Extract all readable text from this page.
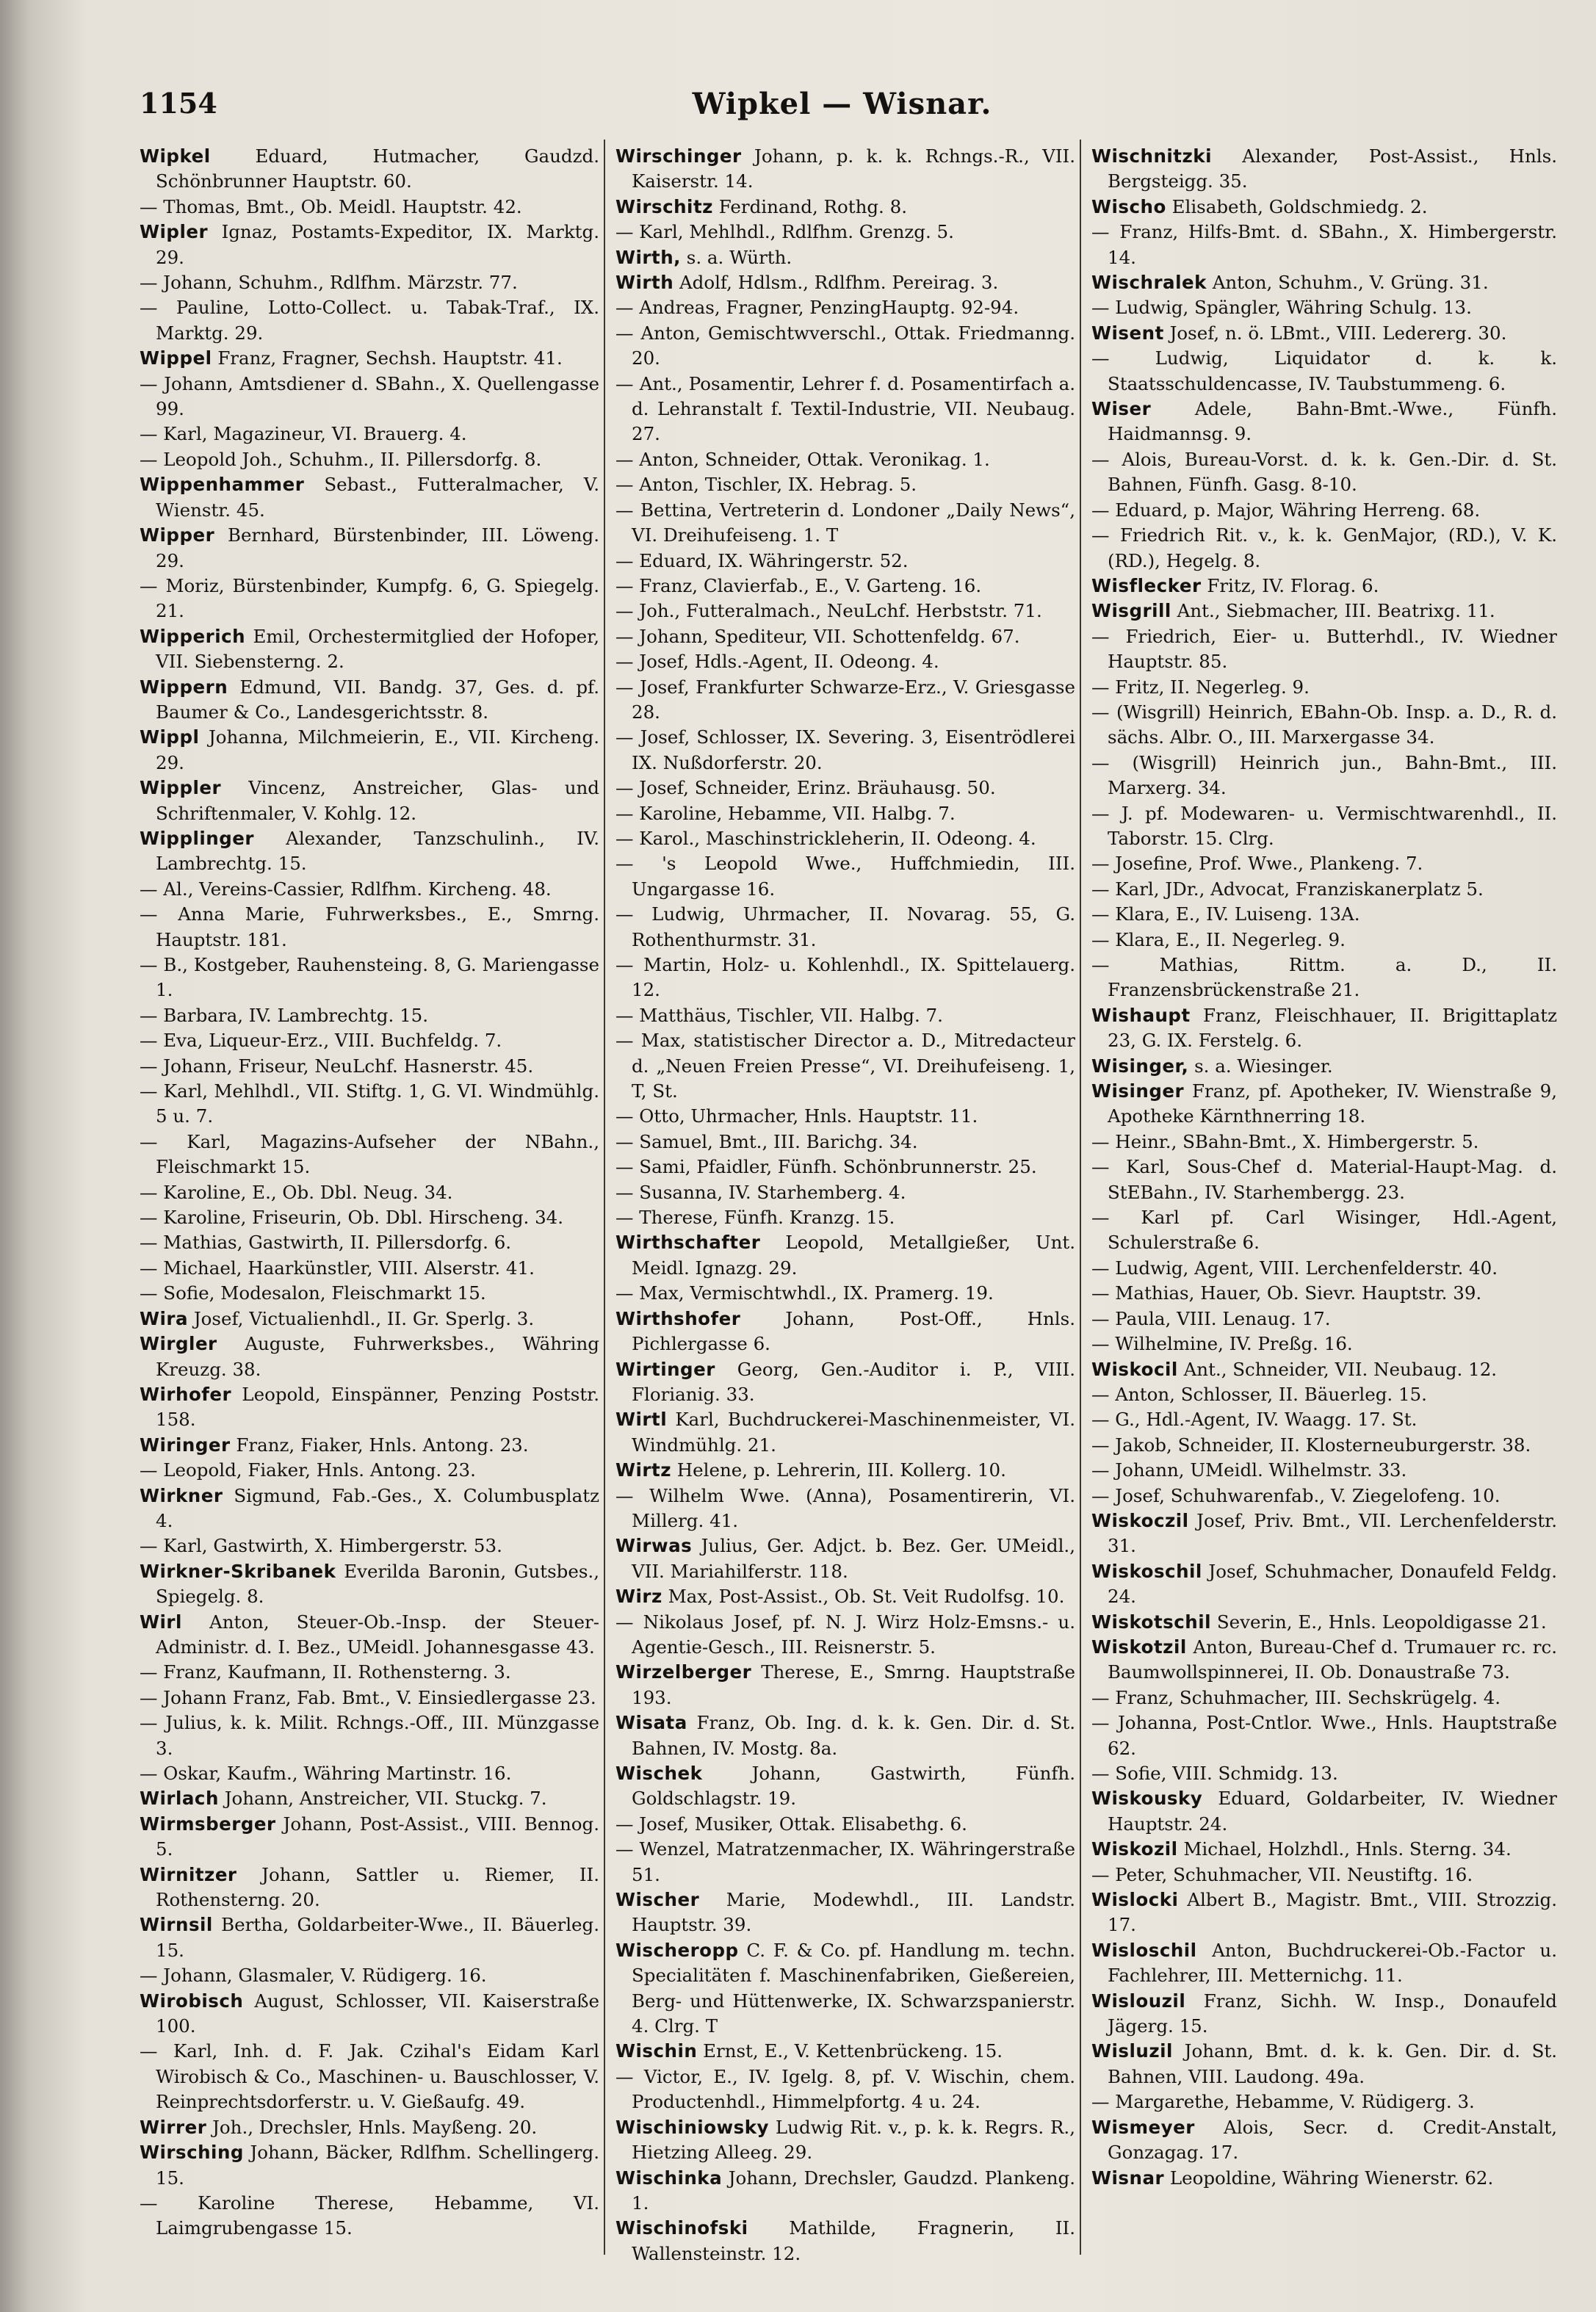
1154	Wipkel — Wisnar.

Wipkel Eduard, Hutmacher, Gaudzd. Schönbrunner Hauptstr. 60.

— Thomas, Bmt., Ob. Meidl. Hauptstr. 42.

Wipler Ignaz, Postamts-Expeditor, IX. Marktg. 29.

— Johann, Schuhm., Rdlfhm. Märzstr. 77.

— Pauline, Lotto-Collect. u. Tabak-Traf., IX. Marktg. 29.

Wippel Franz, Fragner, Sechsh. Hauptstr. 41.

— Johann, Amtsdiener d. SBahn., X. Quellengasse 99.

— Karl, Magazineur, VI. Brauerg. 4.

— Leopold Joh., Schuhm., II. Pillersdorfg. 8.

Wippenhammer Sebast., Futteralmacher, V. Wienstr. 45.

Wipper Bernhard, Bürstenbinder, III. Löweng. 29.

— Moriz, Bürstenbinder, Kumpfg. 6, G. Spiegelg. 21.

Wipperich Emil, Orchestermitglied der Hofoper, VII. Siebensterng. 2.

Wippern Edmund, VII. Bandg. 37, Ges. d. pf. Baumer & Co., Landesgerichtsstr. 8.

Wippl Johanna, Milchmeierin, E., VII. Kircheng. 29.

Wippler Vincenz, Anstreicher, Glas- und Schriftenmaler, V. Kohlg. 12.

Wipplinger Alexander, Tanzschulinh., IV. Lambrechtg. 15.

— Al., Vereins-Cassier, Rdlfhm. Kircheng. 48.

— Anna Marie, Fuhrwerksbes., E., Smrng. Hauptstr. 181.

— B., Kostgeber, Rauhensteing. 8, G. Mariengasse 1.

— Barbara, IV. Lambrechtg. 15.

— Eva, Liqueur-Erz., VIII. Buchfeldg. 7.

— Johann, Friseur, NeuLchf. Hasnerstr. 45.

— Karl, Mehlhdl., VII. Stiftg. 1, G. VI. Windmühlg. 5 u. 7.

— Karl, Magazins-Aufseher der NBahn., Fleischmarkt 15.

— Karoline, E., Ob. Dbl. Neug. 34.

— Karoline, Friseurin, Ob. Dbl. Hirscheng. 34.

— Mathias, Gastwirth, II. Pillersdorfg. 6.

— Michael, Haarkünstler, VIII. Alserstr. 41.

— Sofie, Modesalon, Fleischmarkt 15.

Wira Josef, Victualienhdl., II. Gr. Sperlg. 3.

Wirgler Auguste, Fuhrwerksbes., Währing Kreuzg. 38.

Wirhofer Leopold, Einspänner, Penzing Poststr. 158.

Wiringer Franz, Fiaker, Hnls. Antong. 23.

— Leopold, Fiaker, Hnls. Antong. 23.

Wirkner Sigmund, Fab.-Ges., X. Columbusplatz 4.

— Karl, Gastwirth, X. Himbergerstr. 53.

Wirkner-Skribanek Everilda Baronin, Gutsbes., Spiegelg. 8.

Wirl Anton, Steuer-Ob.-Insp. der Steuer-Administr. d. I. Bez., UMeidl. Johannesgasse 43.

— Franz, Kaufmann, II. Rothensterng. 3.

— Johann Franz, Fab. Bmt., V. Einsiedlergasse 23.

— Julius, k. k. Milit. Rchngs.-Off., III. Münzgasse 3.

— Oskar, Kaufm., Währing Martinstr. 16.

Wirlach Johann, Anstreicher, VII. Stuckg. 7.

Wirmsberger Johann, Post-Assist., VIII. Bennog. 5.

Wirnitzer Johann, Sattler u. Riemer, II. Rothensterng. 20.

Wirnsil Bertha, Goldarbeiter-Wwe., II. Bäuerleg. 15.

— Johann, Glasmaler, V. Rüdigerg. 16.

Wirobisch August, Schlosser, VII. Kaiserstraße 100.

— Karl, Inh. d. F. Jak. Czihal's Eidam Karl Wirobisch & Co., Maschinen- u. Bauschlosser, V. Reinprechtsdorferstr. u. V. Gießaufg. 49.

Wirrer Joh., Drechsler, Hnls. Mayßeng. 20.

Wirsching Johann, Bäcker, Rdlfhm. Schellingerg. 15.

— Karoline Therese, Hebamme, VI. Laimgrubengasse 15.

Wirschinger Johann, p. k. k. Rchngs.-R., VII. Kaiserstr. 14.

Wirschitz Ferdinand, Rothg. 8.

— Karl, Mehlhdl., Rdlfhm. Grenzg. 5.

Wirth, s. a. Würth.

Wirth Adolf, Hdlsm., Rdlfhm. Pereirag. 3.

— Andreas, Fragner, PenzingHauptg. 92-94.

— Anton, Gemischtwverschl., Ottak. Friedmanng. 20.

— Ant., Posamentir, Lehrer f. d. Posamentirfach a. d. Lehranstalt f. Textil-Industrie, VII. Neubaug. 27.

— Anton, Schneider, Ottak. Veronikag. 1.

— Anton, Tischler, IX. Hebrag. 5.

— Bettina, Vertreterin d. Londoner „Daily News“, VI. Dreihufeiseng. 1. T

— Eduard, IX. Währingerstr. 52.

— Franz, Clavierfab., E., V. Garteng. 16.

— Joh., Futteralmach., NeuLchf. Herbststr. 71.

— Johann, Spediteur, VII. Schottenfeldg. 67.

— Josef, Hdls.-Agent, II. Odeong. 4.

— Josef, Frankfurter Schwarze-Erz., V. Griesgasse 28.

— Josef, Schlosser, IX. Severing. 3, Eisentrödlerei IX. Nußdorferstr. 20.

— Josef, Schneider, Erinz. Bräuhausg. 50.

— Karoline, Hebamme, VII. Halbg. 7.

— Karol., Maschinstrickleherin, II. Odeong. 4.

— 's Leopold Wwe., Huffchmiedin, III. Ungargasse 16.

— Ludwig, Uhrmacher, II. Novarag. 55, G. Rothenthurmstr. 31.

— Martin, Holz- u. Kohlenhdl., IX. Spittelauerg. 12.

— Matthäus, Tischler, VII. Halbg. 7.

— Max, statistischer Director a. D., Mitredacteur d. „Neuen Freien Presse“, VI. Dreihufeiseng. 1, T, St.

— Otto, Uhrmacher, Hnls. Hauptstr. 11.

— Samuel, Bmt., III. Barichg. 34.

— Sami, Pfaidler, Fünfh. Schönbrunnerstr. 25.

— Susanna, IV. Starhemberg. 4.

— Therese, Fünfh. Kranzg. 15.

Wirthschafter Leopold, Metallgießer, Unt. Meidl. Ignazg. 29.

— Max, Vermischtwhdl., IX. Pramerg. 19.

Wirthshofer Johann, Post-Off., Hnls. Pichlergasse 6.

Wirtinger Georg, Gen.-Auditor i. P., VIII. Florianig. 33.

Wirtl Karl, Buchdruckerei-Maschinenmeister, VI. Windmühlg. 21.

Wirtz Helene, p. Lehrerin, III. Kollerg. 10.

— Wilhelm Wwe. (Anna), Posamentirerin, VI. Millerg. 41.

Wirwas Julius, Ger. Adjct. b. Bez. Ger. UMeidl., VII. Mariahilferstr. 118.

Wirz Max, Post-Assist., Ob. St. Veit Rudolfsg. 10.

— Nikolaus Josef, pf. N. J. Wirz Holz-Emsns.- u. Agentie-Gesch., III. Reisnerstr. 5.

Wirzelberger Therese, E., Smrng. Hauptstraße 193.

Wisata Franz, Ob. Ing. d. k. k. Gen. Dir. d. St. Bahnen, IV. Mostg. 8a.

Wischek	Johann, Gastwirth, Fünfh. Goldschlagstr. 19.

— Josef, Musiker, Ottak. Elisabethg. 6.

— Wenzel, Matratzenmacher, IX. Währingerstraße 51.

Wischer Marie, Modewhdl., III. Landstr. Hauptstr. 39.

Wischeropp C. F. & Co. pf. Handlung m. techn. Specialitäten f. Maschinenfabriken, Gießereien, Berg- und Hüttenwerke, IX. Schwarzspanierstr. 4. Clrg. T

Wischin Ernst, E., V. Kettenbrückeng. 15.

— Victor, E., IV. Igelg. 8, pf. V. Wischin, chem. Productenhdl., Himmelpfortg. 4 u. 24.

Wischiniowsky Ludwig Rit. v., p. k. k. Regrs. R., Hietzing Alleeg. 29.

Wischinka Johann, Drechsler, Gaudzd. Plankeng. 1.

Wischinofski Mathilde, Fragnerin, II. Wallensteinstr. 12.

Wischnitzki Alexander, Post-Assist., Hnls. Bergsteigg. 35.

Wischo Elisabeth, Goldschmiedg. 2.

— Franz, Hilfs-Bmt. d. SBahn., X. Himbergerstr. 14.

Wischralek Anton, Schuhm., V. Grüng. 31.

— Ludwig, Spängler, Währing Schulg. 13.

Wisent Josef, n. ö. LBmt., VIII. Ledererg. 30.

— Ludwig, Liquidator d. k. k. Staatsschuldencasse, IV. Taubstummeng. 6.

Wiser Adele, Bahn-Bmt.-Wwe., Fünfh. Haidmannsg. 9.

— Alois, Bureau-Vorst. d. k. k. Gen.-Dir. d. St. Bahnen, Fünfh. Gasg. 8-10.

— Eduard, p. Major, Währing Herreng. 68.

— Friedrich Rit. v., k. k. GenMajor, (RD.), V. K. (RD.), Hegelg. 8.

Wisflecker Fritz, IV. Florag. 6.

Wisgrill Ant., Siebmacher, III. Beatrixg. 11.

— Friedrich, Eier- u. Butterhdl., IV. Wiedner Hauptstr. 85.

— Fritz, II. Negerleg. 9.

— (Wisgrill) Heinrich, EBahn-Ob. Insp. a. D., R. d. sächs. Albr. O., III. Marxergasse 34.

— (Wisgrill) Heinrich jun., Bahn-Bmt., III. Marxerg. 34.

— J. pf. Modewaren- u. Vermischtwarenhdl., II. Taborstr. 15. Clrg.

— Josefine, Prof. Wwe., Plankeng. 7.

— Karl, JDr., Advocat, Franziskanerplatz 5.

— Klara, E., IV. Luiseng. 13A.

— Klara, E., II. Negerleg. 9.

— Mathias, Rittm. a. D., II. Franzensbrückenstraße 21.

Wishaupt Franz, Fleischhauer, II. Brigittaplatz 23, G. IX. Ferstelg. 6.

Wisinger, s. a. Wiesinger.

Wisinger Franz, pf. Apotheker, IV. Wienstraße 9, Apotheke Kärnthnerring 18.

— Heinr., SBahn-Bmt., X. Himbergerstr. 5.

— Karl, Sous-Chef d. Material-Haupt-Mag. d. StEBahn., IV. Starhembergg. 23.

— Karl pf. Carl Wisinger, Hdl.-Agent, Schulerstraße 6.

— Ludwig, Agent, VIII. Lerchenfelderstr. 40.

— Mathias, Hauer, Ob. Sievr. Hauptstr. 39.

— Paula, VIII. Lenaug. 17.

— Wilhelmine, IV. Preßg. 16.

Wiskocil Ant., Schneider, VII. Neubaug. 12.

— Anton, Schlosser, II. Bäuerleg. 15.

— G., Hdl.-Agent, IV. Waagg. 17. St.

— Jakob, Schneider, II. Klosterneuburgerstr. 38.

— Johann, UMeidl. Wilhelmstr. 33.

— Josef, Schuhwarenfab., V. Ziegelofeng. 10.

Wiskoczil Josef, Priv. Bmt., VII. Lerchenfelderstr. 31.

Wiskoschil Josef, Schuhmacher, Donaufeld Feldg. 24.

Wiskotschil Severin, E., Hnls. Leopoldigasse 21.

Wiskotzil Anton, Bureau-Chef d. Trumauer rc. rc. Baumwollspinnerei, II. Ob. Donaustraße 73.

— Franz, Schuhmacher, III. Sechskrügelg. 4.

— Johanna, Post-Cntlor. Wwe., Hnls. Hauptstraße 62.

— Sofie, VIII. Schmidg. 13.

Wiskousky Eduard, Goldarbeiter, IV. Wiedner Hauptstr. 24.

Wiskozil Michael, Holzhdl., Hnls. Sterng. 34.

— Peter, Schuhmacher, VII. Neustiftg. 16.

Wislocki Albert B., Magistr. Bmt., VIII. Strozzig. 17.

Wisloschil Anton, Buchdruckerei-Ob.-Factor u. Fachlehrer, III. Metternichg. 11.

Wislouzil Franz, Sichh. W. Insp., Donaufeld Jägerg. 15.

Wisluzil Johann, Bmt. d. k. k. Gen. Dir. d. St. Bahnen, VIII. Laudong. 49a.

— Margarethe, Hebamme, V. Rüdigerg. 3.

Wismeyer Alois, Secr. d. Credit-Anstalt, Gonzagag. 17.

Wisnar Leopoldine, Währing Wienerstr. 62.
